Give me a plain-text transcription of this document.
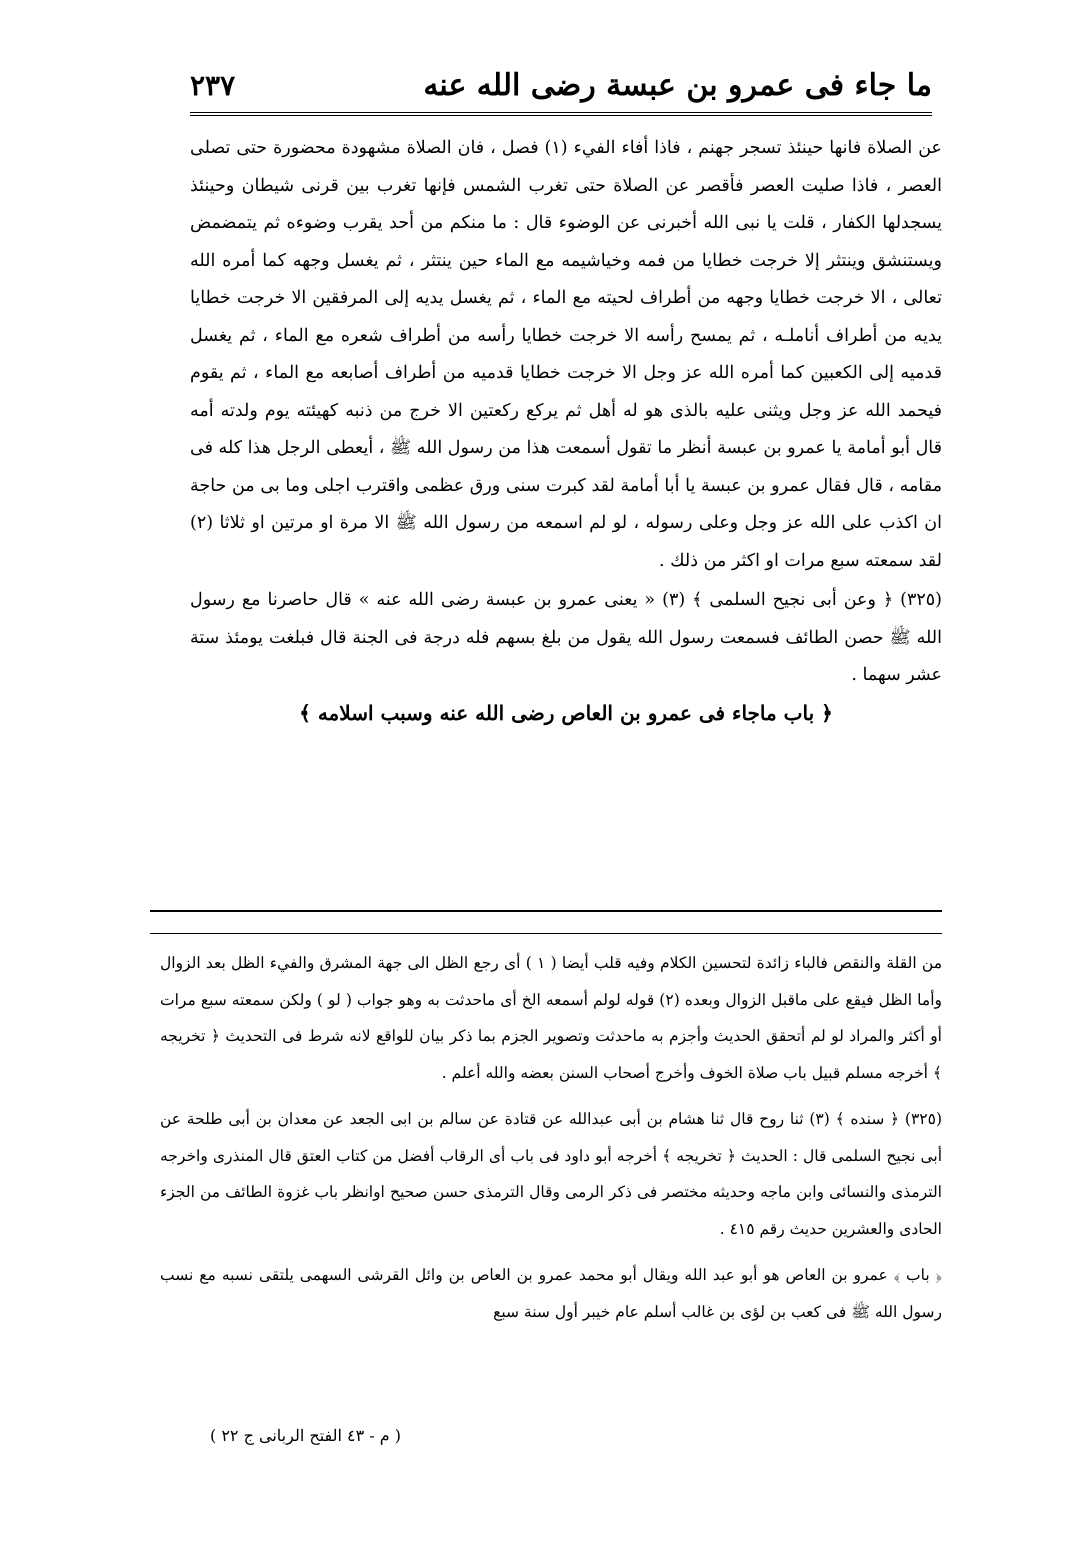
ما جاء فى عمرو بن عبسة رضى الله عنه
٢٣٧

عن الصلاة فانها حينئذ تسجر جهنم ، فاذا أفاء الفيء (١) فصل ، فان الصلاة مشهودة محضورة حتى تصلى العصر ، فاذا صليت العصر فأقصر عن الصلاة حتى تغرب الشمس فإنها تغرب بين قرنى شيطان وحينئذ يسجدلها الكفار ، قلت يا نبى الله أخبرنى عن الوضوء قال : ما منكم من أحد يقرب وضوءه ثم يتمضمض ويستنشق وينتثر إلا خرجت خطايا من فمه وخياشيمه مع الماء حين ينتثر ، ثم يغسل وجهه كما أمره الله تعالى ، الا خرجت خطايا وجهه من أطراف لحيته مع الماء ، ثم يغسل يديه إلى المرفقين الا خرجت خطايا يديه من أطراف أناملـه ، ثم يمسح رأسه الا خرجت خطايا رأسه من أطراف شعره مع الماء ، ثم يغسل قدميه إلى الكعبين كما أمره الله عز وجل الا خرجت خطايا قدميه من أطراف أصابعه مع الماء ، ثم يقوم فيحمد الله عز وجل ويثنى عليه بالذى هو له أهل ثم يركع ركعتين الا خرج من ذنبه كهيئته يوم ولدته أمه قال أبو أمامة يا عمرو بن عبسة أنظر ما تقول أسمعت هذا من رسول الله ﷺ ، أيعطى الرجل هذا كله فى مقامه ، قال فقال عمرو بن عبسة يا أبا أمامة لقد كبرت سنى ورق عظمى واقترب اجلى وما بى من حاجة ان اكذب على الله عز وجل وعلى رسوله ، لو لم اسمعه من رسول الله ﷺ الا مرة او مرتين او ثلاثا (٢) لقد سمعته سبع مرات او اكثر من ذلك .

(٣٢٥) ﴿ وعن أبى نجيح السلمى ﴾ (٣) « يعنى عمرو بن عبسة رضى الله عنه » قال حاصرنا مع رسول الله ﷺ حصن الطائف فسمعت رسول الله يقول من بلغ بسهم فله درجة فى الجنة قال فبلغت يومئذ ستة عشر سهما .

﴿ باب ماجاء فى عمرو بن العاص رضى الله عنه وسبب اسلامه ﴾

من القلة والنقص فالباء زائدة لتحسين الكلام وفيه قلب أيضا ( ١ ) أى رجع الظل الى جهة المشرق والفيء الظل بعد الزوال وأما الظل فيقع على ماقبل الزوال وبعده (٢) قوله لولم أسمعه الخ أى ماحدثت به وهو جواب ( لو ) ولكن سمعته سبع مرات أو أكثر والمراد لو لم أتحقق الحديث وأجزم به ماحدثت وتصوير الجزم بما ذكر بيان للواقع لانه شرط فى التحديث ﴿ تخريجه ﴾ أخرجه مسلم قبيل باب صلاة الخوف وأخرج أصحاب السنن بعضه والله أعلم .

(٣٢٥) ﴿ سنده ﴾ (٣) ثنا روح قال ثنا هشام بن أبى عبدالله عن قتادة عن سالم بن ابى الجعد عن معدان بن أبى طلحة عن أبى نجيح السلمى قال : الحديث ﴿ تخريجه ﴾ أخرجه أبو داود فى باب أى الرقاب أفضل من كتاب العتق قال المنذرى واخرجه الترمذى والنسائى وابن ماجه وحديثه مختصر فى ذكر الرمى وقال الترمذى حسن صحيح اوانظر باب غزوة الطائف من الجزء الحادى والعشرين حديث رقم ٤١٥ .

﴿ باب ﴾ عمرو بن العاص هو أبو عبد الله ويقال أبو محمد عمرو بن العاص بن وائل القرشى السهمى يلتقى نسبه مع نسب رسول الله ﷺ فى كعب بن لؤى بن غالب أسلم عام خيبر أول سنة سبع

( م - ٤٣ الفتح الربانى ج ٢٢ )
